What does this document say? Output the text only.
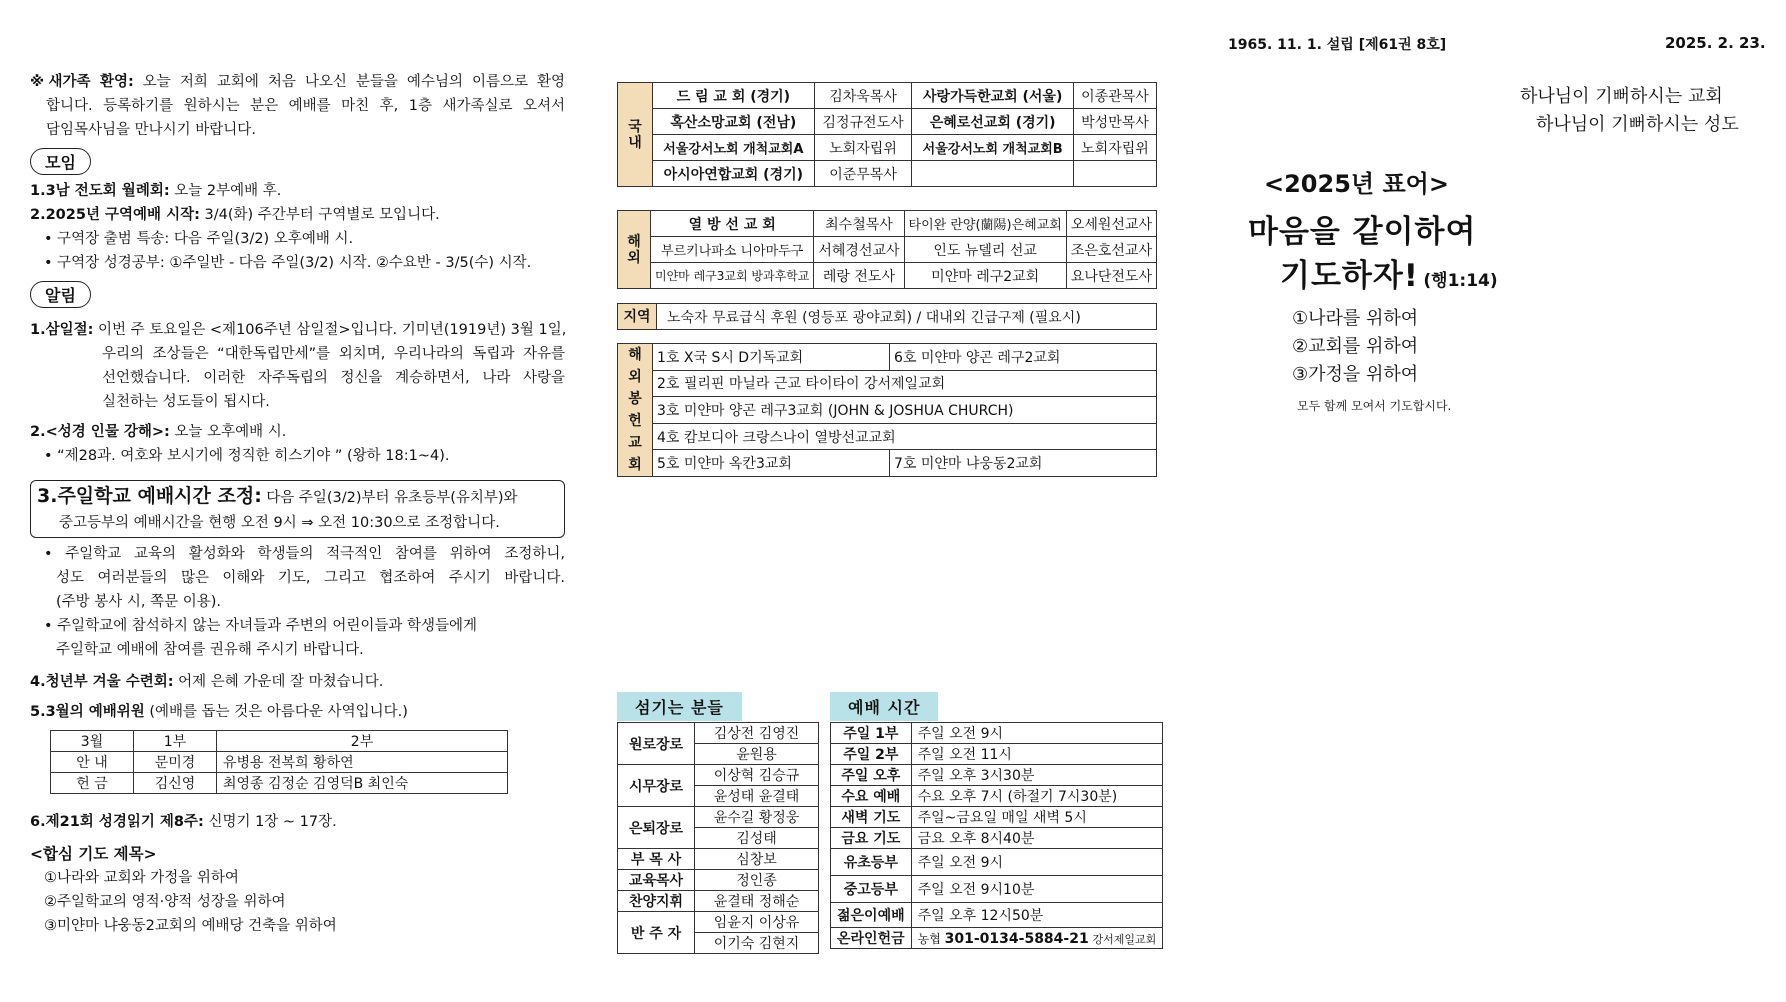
1965. 11. 1. 설립 [제61권 8호]	2025. 2. 23.
※새가족 환영: 오늘 저희 교회에 처음 나오신 분들을 예수님의 이름으로 환영
합니다. 등록하기를 원하시는 분은 예배를 마친 후, 1층 새가족실로 오셔서
담임목사님을 만나시기 바랍니다.
모임
1.3남 전도회 월례회: 오늘 2부예배 후.
2.2025년 구역예배 시작: 3/4(화) 주간부터 구역별로 모입니다.
• 구역장 출범 특송: 다음 주일(3/2) 오후예배 시.
• 구역장 성경공부: ①주일반 - 다음 주일(3/2) 시작. ②수요반 - 3/5(수) 시작.
알림
1.삼일절: 이번 주 토요일은 <제106주년 삼일절>입니다. 기미년(1919년) 3월 1일,
우리의 조상들은 “대한독립만세”를 외치며, 우리나라의 독립과 자유를
선언했습니다. 이러한 자주독립의 정신을 계승하면서, 나라 사랑을
실천하는 성도들이 됩시다.
2.<성경 인물 강해>: 오늘 오후예배 시.
• “제28과. 여호와 보시기에 정직한 히스기야 ” (왕하 18:1~4).
3.주일학교 예배시간 조정: 다음 주일(3/2)부터 유초등부(유치부)와
중고등부의 예배시간을 현행 오전 9시 ⇒ 오전 10:30으로 조정합니다.
• 주일학교 교육의 활성화와 학생들의 적극적인 참여를 위하여 조정하니,
성도 여러분들의 많은 이해와 기도, 그리고 협조하여 주시기 바랍니다.
(주방 봉사 시, 쪽문 이용).
• 주일학교에 참석하지 않는 자녀들과 주변의 어린이들과 학생들에게
주일학교 예배에 참여를 권유해 주시기 바랍니다.
4.청년부 겨울 수련회: 어제 은혜 가운데 잘 마쳤습니다.
5.3월의 예배위원 (예배를 돕는 것은 아름다운 사역입니다.)
3월	1부	2부
안 내	문미경	유병용 전복희 황하연
헌 금	김신영	최영종 김정순 김영덕B 최인숙
6.제21회 성경읽기 제8주: 신명기 1장 ~ 17장.
<합심 기도 제목>
①나라와 교회와 가정을 위하여
②주일학교의 영적·양적 성장을 위하여
③미얀마 냐웅동2교회의 예배당 건축을 위하여
국내	드 림 교 회 (경기)	김차욱목사	사랑가득한교회 (서울)	이종관목사
	혹산소망교회 (전남)	김정규전도사	은혜로선교회 (경기)	박성만목사
	서울강서노회 개척교회A	노회자립위	서울강서노회 개척교회B	노회자립위
	아시아연합교회 (경기)	이준무목사		
해외	열 방 선 교 회	최수철목사	타이완 란양(蘭陽)은혜교회	오세원선교사
	부르키나파소 니아마두구	서혜경선교사	인도 뉴델리 선교	조은호선교사
	미얀마 레구3교회 방과후학교	레랑 전도사	미얀마 레구2교회	요나단전도사
지역	노숙자 무료급식 후원 (영등포 광야교회) / 대내외 긴급구제 (필요시)
해외봉헌교회	1호 X국 S시 D기독교회	6호 미얀마 양곤 레구2교회
	2호 필리핀 마닐라 근교 타이타이 강서제일교회	
	3호 미얀마 양곤 레구3교회 (JOHN & JOSHUA CHURCH)	
	4호 캄보디아 크랑스나이 열방선교교회	
	5호 미얀마 옥칸3교회	7호 미얀마 냐웅동2교회
섬기는 분들
원로장로	김상전 김영진
	윤원용
시무장로	이상혁 김승규
	윤성태 윤결태
은퇴장로	윤수길 황정웅
	김성태
부 목 사	심창보
교육목사	정인종
찬양지휘	윤결태 정해순
반 주 자	임윤지 이상유
	이기숙 김현지
예배 시간
주일 1부	주일 오전 9시
주일 2부	주일 오전 11시
주일 오후	주일 오후 3시30분
수요 예배	수요 오후 7시 (하절기 7시30분)
새벽 기도	주일~금요일 매일 새벽 5시
금요 기도	금요 오후 8시40분
유초등부	주일 오전 9시
중고등부	주일 오전 9시10분
젊은이예배	주일 오후 12시50분
온라인헌금	농협 301-0134-5884-21 강서제일교회
하나님이 기뻐하시는 교회
하나님이 기뻐하시는 성도
<2025년 표어>
마음을 같이하여
기도하자! (행1:14)
①나라를 위하여
②교회를 위하여
③가정을 위하여
모두 함께 모여서 기도합시다.
